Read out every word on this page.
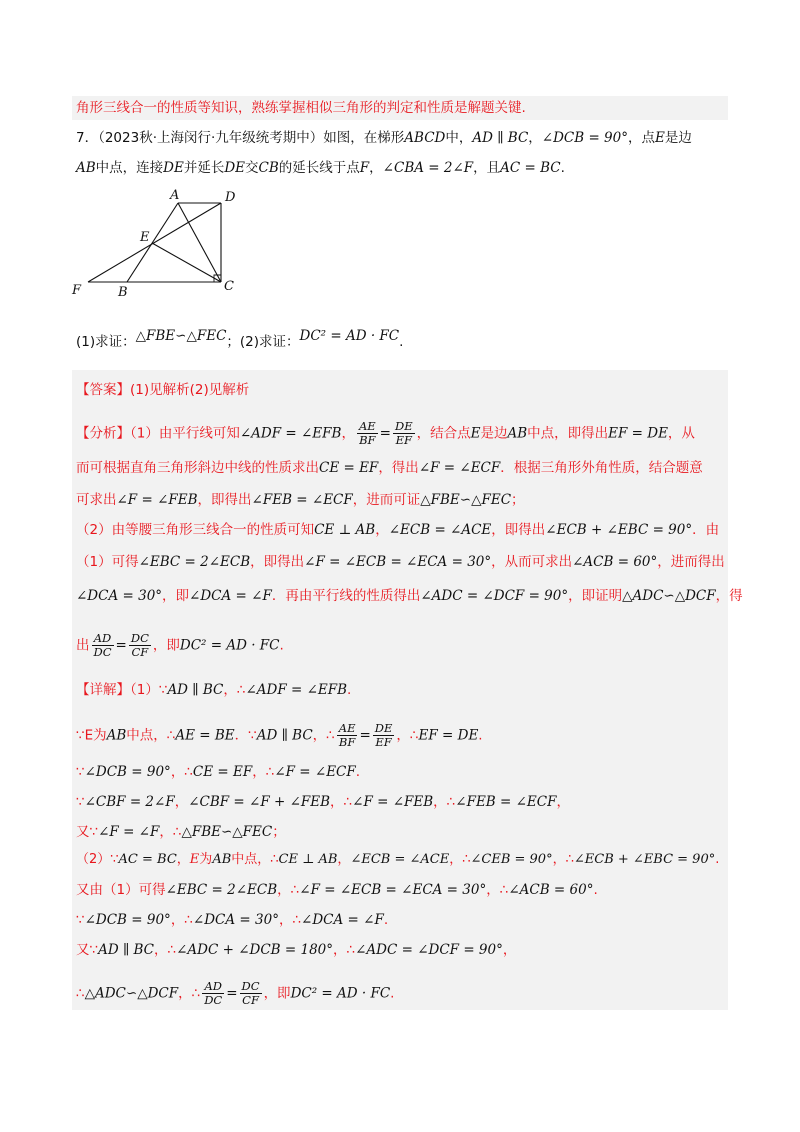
角形三线合一的性质等知识，熟练掌握相似三角形的判定和性质是解题关键.
7．（2023秋·上海闵行·九年级统考期中）如图，在梯形ABCD中，AD ∥ BC，∠DCB = 90°，点E是边
AB中点，连接DE并延长DE交CB的延长线于点F，∠CBA = 2∠F，且AC = BC.
A	D
E
F	B	C
(1)求证：△FBE∽△FEC；(2)求证：DC² = AD · FC.
【答案】(1)见解析(2)见解析
【分析】（1）由平行线可知∠ADF = ∠EFB， $\frac{AE}{BF} = \frac{DE}{EF}$ ，结合点E是边AB中点，即得出EF = DE，从
而可根据直角三角形斜边中线的性质求出CE = EF，得出∠F = ∠ECF．根据三角形外角性质，结合题意
可求出∠F = ∠FEB，即得出∠FEB = ∠ECF，进而可证△FBE∽△FEC；
（2）由等腰三角形三线合一的性质可知CE ⊥ AB，∠ECB = ∠ACE，即得出∠ECB + ∠EBC = 90°．由
（1）可得∠EBC = 2∠ECB，即得出∠F = ∠ECB = ∠ECA = 30°，从而可求出∠ACB = 60°，进而得出
∠DCA = 30°，即∠DCA = ∠F．再由平行线的性质得出∠ADC = ∠DCF = 90°，即证明△ADC∽△DCF，得
出 $\frac{AD}{DC} = \frac{DC}{CF}$ ，即DC² = AD · FC.
【详解】（1）∵AD ∥ BC，∴∠ADF = ∠EFB.
∵E为AB中点，∴AE = BE．∵AD ∥ BC，∴ $\frac{AE}{BF} = \frac{DE}{EF}$ ，∴EF = DE.
∵∠DCB = 90°，∴CE = EF，∴∠F = ∠ECF.
∵∠CBF = 2∠F，∠CBF = ∠F + ∠FEB，∴∠F = ∠FEB，∴∠FEB = ∠ECF，
又∵∠F = ∠F，∴△FBE∽△FEC；
（2）∵AC = BC，E为AB中点，∴CE ⊥ AB，∠ECB = ∠ACE，∴∠CEB = 90°，∴∠ECB + ∠EBC = 90°.
又由（1）可得∠EBC = 2∠ECB，∴∠F = ∠ECB = ∠ECA = 30°，∴∠ACB = 60°.
∵∠DCB = 90°，∴∠DCA = 30°，∴∠DCA = ∠F.
又∵AD ∥ BC，∴∠ADC + ∠DCB = 180°，∴∠ADC = ∠DCF = 90°，
∴△ADC∽△DCF，∴ $\frac{AD}{DC} = \frac{DC}{CF}$ ，即DC² = AD · FC.
